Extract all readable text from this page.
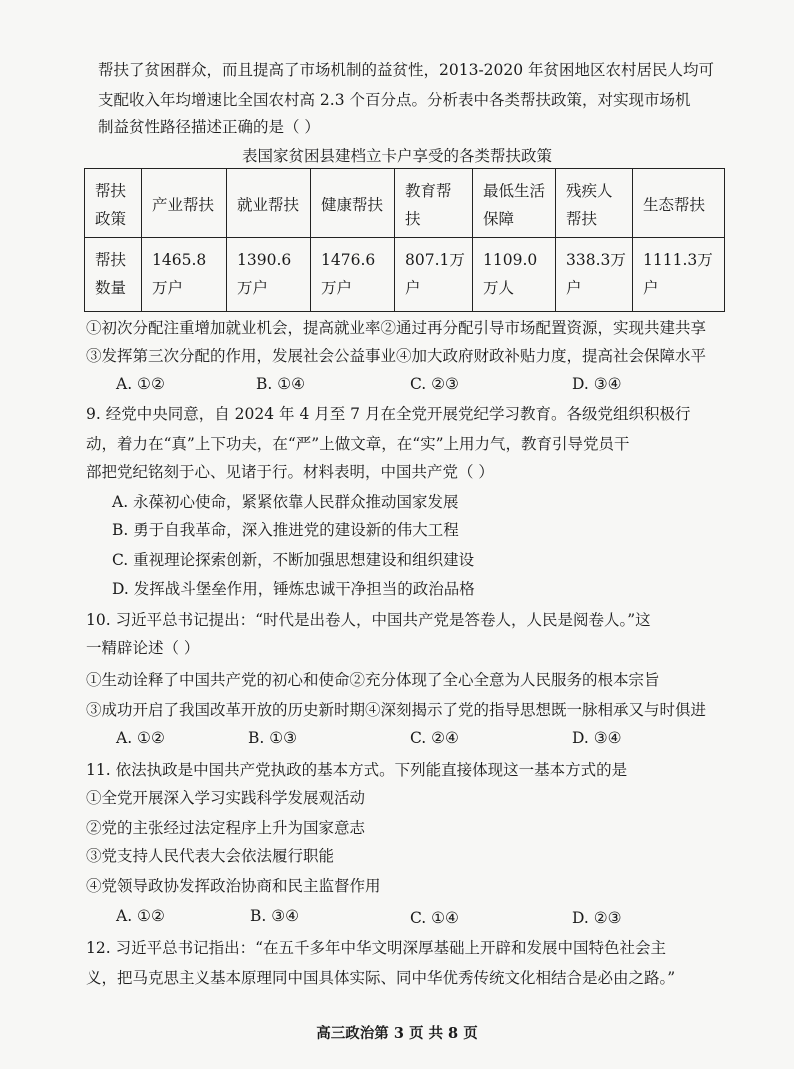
帮扶了贫困群众，而且提高了市场机制的益贫性，2013-2020 年贫困地区农村居民人均可
支配收入年均增速比全国农村高 2.3 个百分点。分析表中各类帮扶政策，对实现市场机
制益贫性路径描述正确的是（ ）
表国家贫困县建档立卡户享受的各类帮扶政策
帮扶政策	产业帮扶	就业帮扶	健康帮扶	教育帮扶	最低生活保障	残疾人帮扶	生态帮扶
帮扶数量	1465.8万户	1390.6万户	1476.6万户	807.1万户	1109.0万人	338.3万户	1111.3万户
①初次分配注重增加就业机会，提高就业率②通过再分配引导市场配置资源，实现共建共享
③发挥第三次分配的作用，发展社会公益事业④加大政府财政补贴力度，提高社会保障水平
A. ①②	B. ①④	C. ②③	D. ③④
9. 经党中央同意，自 2024 年 4 月至 7 月在全党开展党纪学习教育。各级党组织积极行
动，着力在“真”上下功夫，在“严”上做文章，在“实”上用力气，教育引导党员干
部把党纪铭刻于心、见诸于行。材料表明，中国共产党（ ）
A. 永葆初心使命，紧紧依靠人民群众推动国家发展
B. 勇于自我革命，深入推进党的建设新的伟大工程
C. 重视理论探索创新，不断加强思想建设和组织建设
D. 发挥战斗堡垒作用，锤炼忠诚干净担当的政治品格
10. 习近平总书记提出：“时代是出卷人，中国共产党是答卷人，人民是阅卷人。”这
一精辟论述（ ）
①生动诠释了中国共产党的初心和使命②充分体现了全心全意为人民服务的根本宗旨
③成功开启了我国改革开放的历史新时期④深刻揭示了党的指导思想既一脉相承又与时俱进
A. ①②	B. ①③	C. ②④	D. ③④
11. 依法执政是中国共产党执政的基本方式。下列能直接体现这一基本方式的是
①全党开展深入学习实践科学发展观活动
②党的主张经过法定程序上升为国家意志
③党支持人民代表大会依法履行职能
④党领导政协发挥政治协商和民主监督作用
A. ①②	B. ③④	C. ①④	D. ②③
12. 习近平总书记指出：“在五千多年中华文明深厚基础上开辟和发展中国特色社会主
义，把马克思主义基本原理同中国具体实际、同中华优秀传统文化相结合是必由之路。”
高三政治第 3 页 共 8 页
